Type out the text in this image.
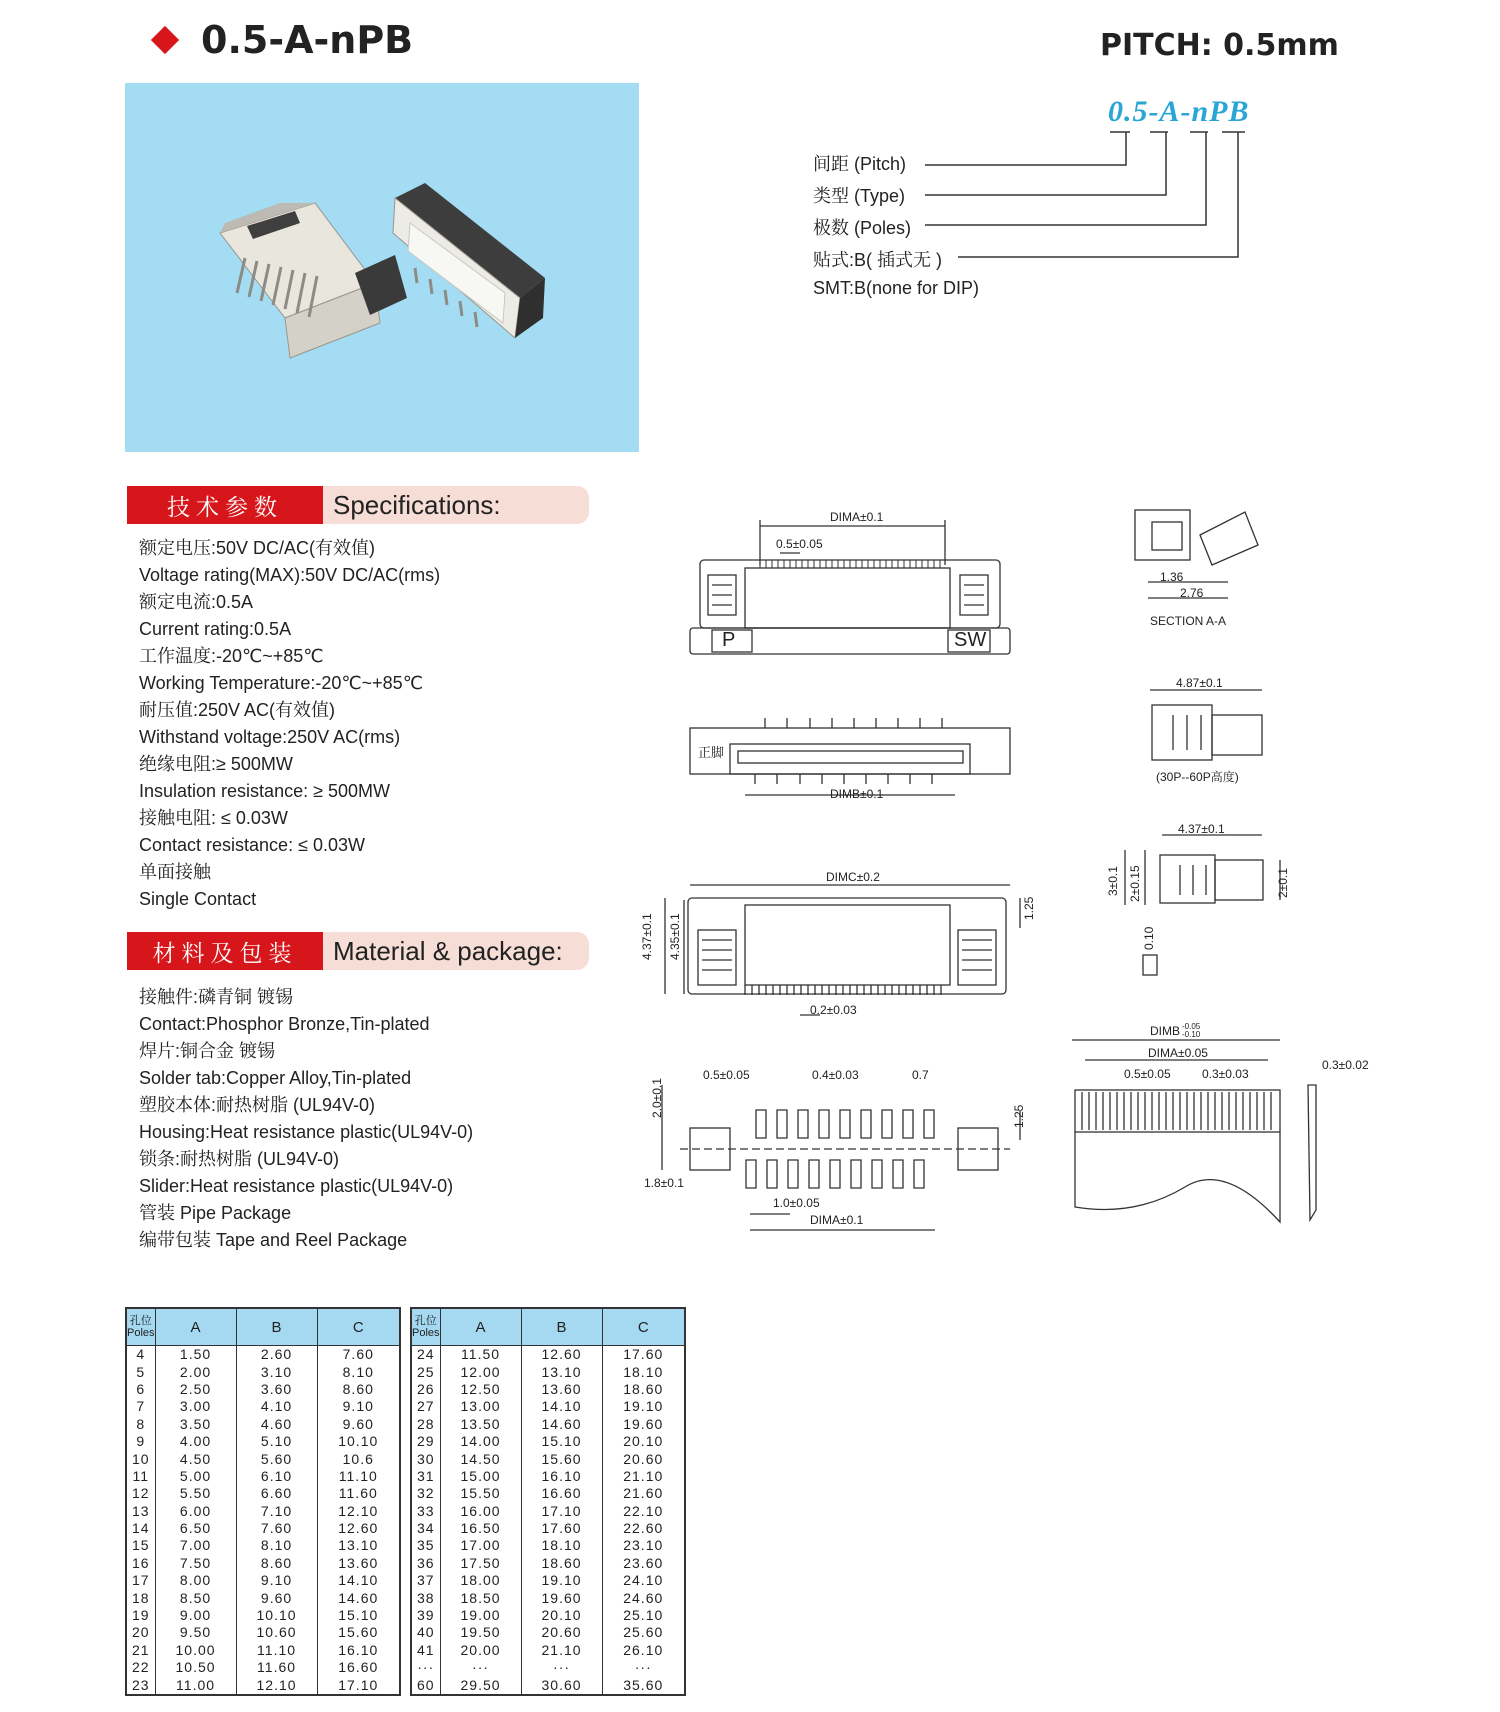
0.5-A-nPB	PITCH: 0.5mm
0.5-A-nPB
间距 (Pitch)
类型 (Type)
极数 (Poles)
贴式:B( 插式无 )
SMT:B(none for DIP)
技术参数	Specifications:
额定电压:50V DC/AC(有效值)
Voltage rating(MAX):50V DC/AC(rms)
额定电流:0.5A
Current rating:0.5A
工作温度:-20℃~+85℃
Working Temperature:-20℃~+85℃
耐压值:250V AC(有效值)
Withstand voltage:250V AC(rms)
绝缘电阻:≥ 500MW
Insulation resistance: ≥ 500MW
接触电阻: ≤ 0.03W
Contact resistance: ≤ 0.03W
单面接触
Single Contact
材料及包装	Material & package:
接触件:磷青铜 镀锡
Contact:Phosphor Bronze,Tin-plated
焊片:铜合金 镀锡
Solder tab:Copper Alloy,Tin-plated
塑胶本体:耐热树脂 (UL94V-0)
Housing:Heat resistance plastic(UL94V-0)
锁条:耐热树脂 (UL94V-0)
Slider:Heat resistance plastic(UL94V-0)
管装 Pipe Package
编带包装 Tape and Reel Package
DIMA±0.1
0.5±0.05
P	SW
正脚
DIMB±0.1
DIMC±0.2
4.37±0.1 4.35±0.1
1.25
0.2±0.03
1.36
2.76
SECTION A-A
4.87±0.1
(30P--60P高度)
4.37±0.1
3±0.1 2±0.15	2±0.1
0.10
0.5±0.05	0.4±0.03	0.7
2.0±0.1	1.25
1.8±0.1
1.0±0.05
DIMA±0.1
DIMB -0.05
-0.10
DIMA±0.05
0.5±0.05	0.3±0.03
0.3±0.02
孔位
Poles	A	B	C
4	1.50	2.60	7.60
5	2.00	3.10	8.10
6	2.50	3.60	8.60
7	3.00	4.10	9.10
8	3.50	4.60	9.60
9	4.00	5.10	10.10
10	4.50	5.60	10.6
11	5.00	6.10	11.10
12	5.50	6.60	11.60
13	6.00	7.10	12.10
14	6.50	7.60	12.60
15	7.00	8.10	13.10
16	7.50	8.60	13.60
17	8.00	9.10	14.10
18	8.50	9.60	14.60
19	9.00	10.10	15.10
20	9.50	10.60	15.60
21	10.00	11.10	16.10
22	10.50	11.60	16.60
23	11.00	12.10	17.10
孔位
Poles	A	B	C
24	11.50	12.60	17.60
25	12.00	13.10	18.10
26	12.50	13.60	18.60
27	13.00	14.10	19.10
28	13.50	14.60	19.60
29	14.00	15.10	20.10
30	14.50	15.60	20.60
31	15.00	16.10	21.10
32	15.50	16.60	21.60
33	16.00	17.10	22.10
34	16.50	17.60	22.60
35	17.00	18.10	23.10
36	17.50	18.60	23.60
37	18.00	19.10	24.10
38	18.50	19.60	24.60
39	19.00	20.10	25.10
40	19.50	20.60	25.60
41	20.00	21.10	26.10
···	···	···	···
60	29.50	30.60	35.60
